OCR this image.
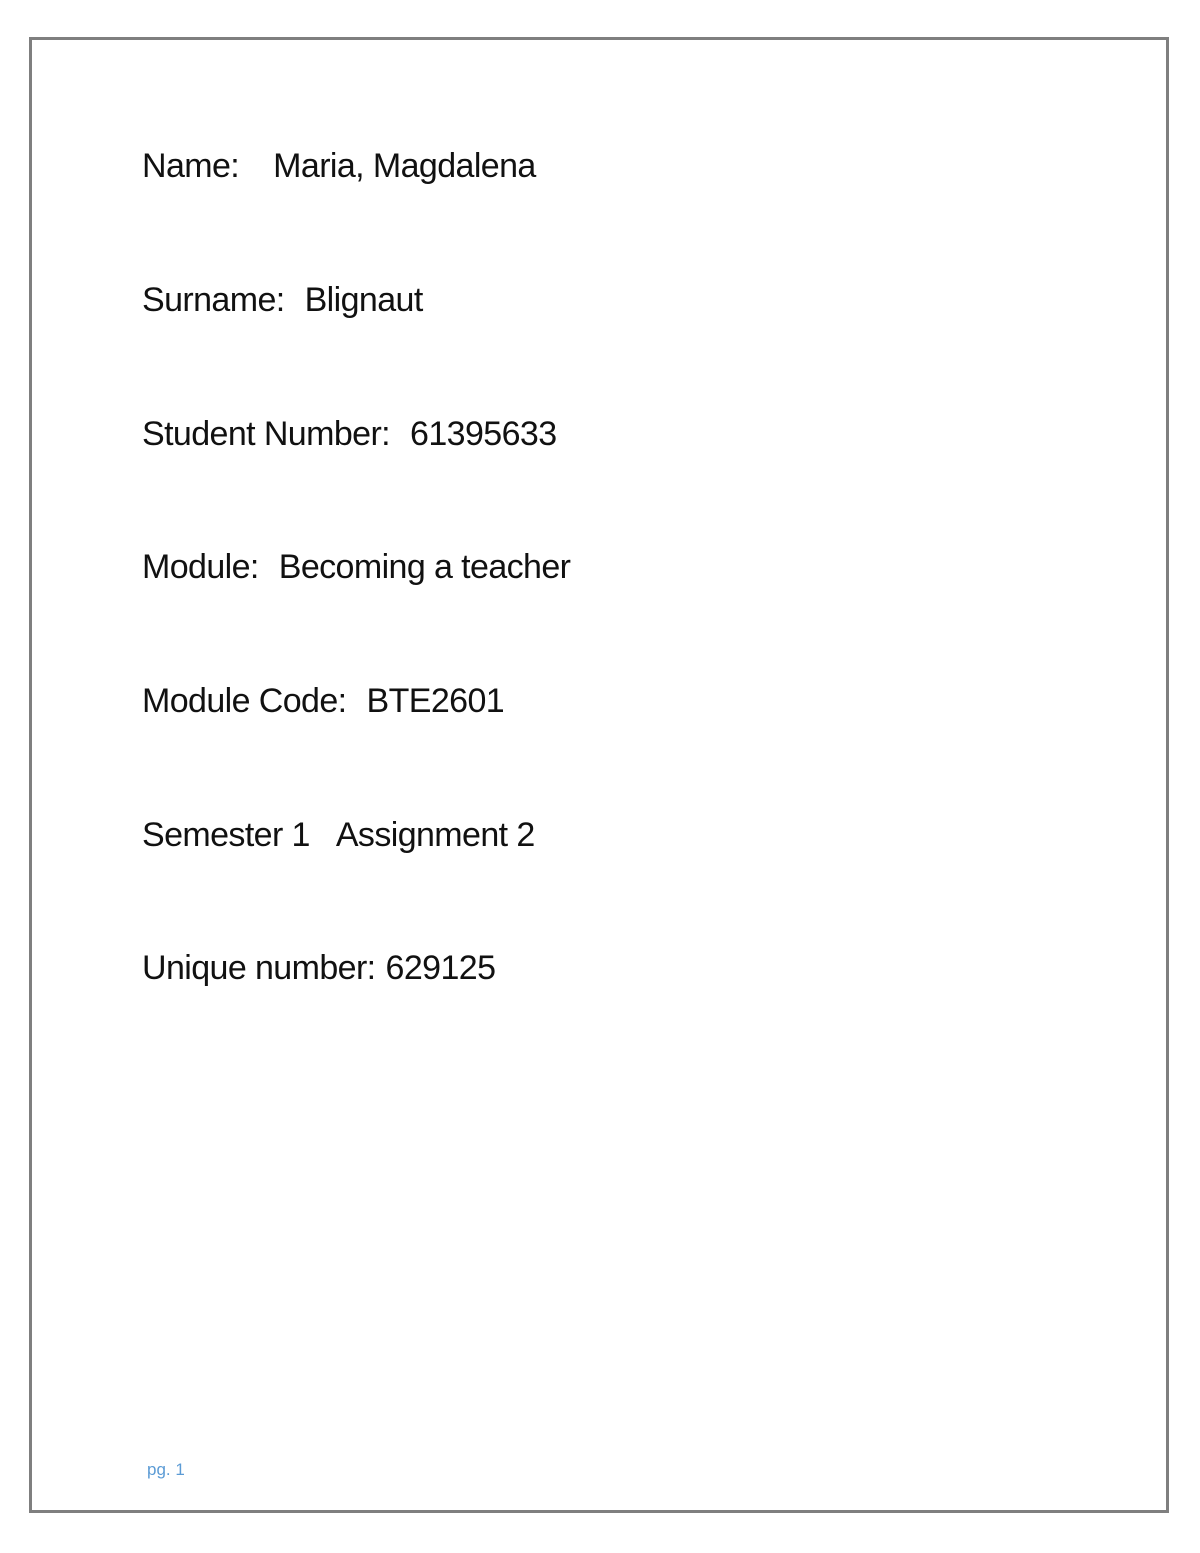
Name: Maria, Magdalena
Surname: Blignaut
Student Number: 61395633
Module: Becoming a teacher
Module Code: BTE2601
Semester 1 Assignment 2
Unique number: 629125
pg. 1
